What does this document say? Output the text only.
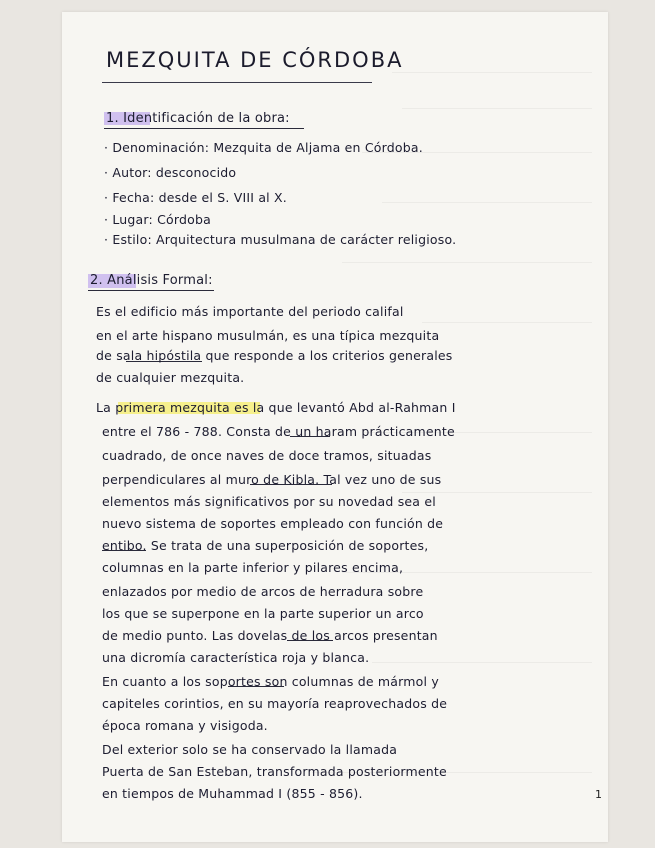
MEZQUITA DE CÓRDOBA
1. Identificación de la obra:
· Denominación: Mezquita de Aljama en Córdoba.
· Autor: desconocido
· Fecha: desde el S. VIII al X.
· Lugar: Córdoba
· Estilo: Arquitectura musulmana de carácter religioso.
2. Análisis Formal:
Es el edificio más importante del periodo califal
en el arte hispano musulmán, es una típica mezquita
de sala hipóstila que responde a los criterios generales
de cualquier mezquita.
La primera mezquita es la que levantó Abd al-Rahman I
entre el 786 - 788. Consta de un haram prácticamente
cuadrado, de once naves de doce tramos, situadas
perpendiculares al muro de Kibla. Tal vez uno de sus
elementos más significativos por su novedad sea el
nuevo sistema de soportes empleado con función de
entibo. Se trata de una superposición de soportes,
columnas en la parte inferior y pilares encima,
enlazados por medio de arcos de herradura sobre
los que se superpone en la parte superior un arco
de medio punto. Las dovelas de los arcos presentan
una dicromía característica roja y blanca.
En cuanto a los soportes son columnas de mármol y
capiteles corintios, en su mayoría reaprovechados de
época romana y visigoda.
Del exterior solo se ha conservado la llamada
Puerta de San Esteban, transformada posteriormente
en tiempos de Muhammad I (855 - 856).	1
